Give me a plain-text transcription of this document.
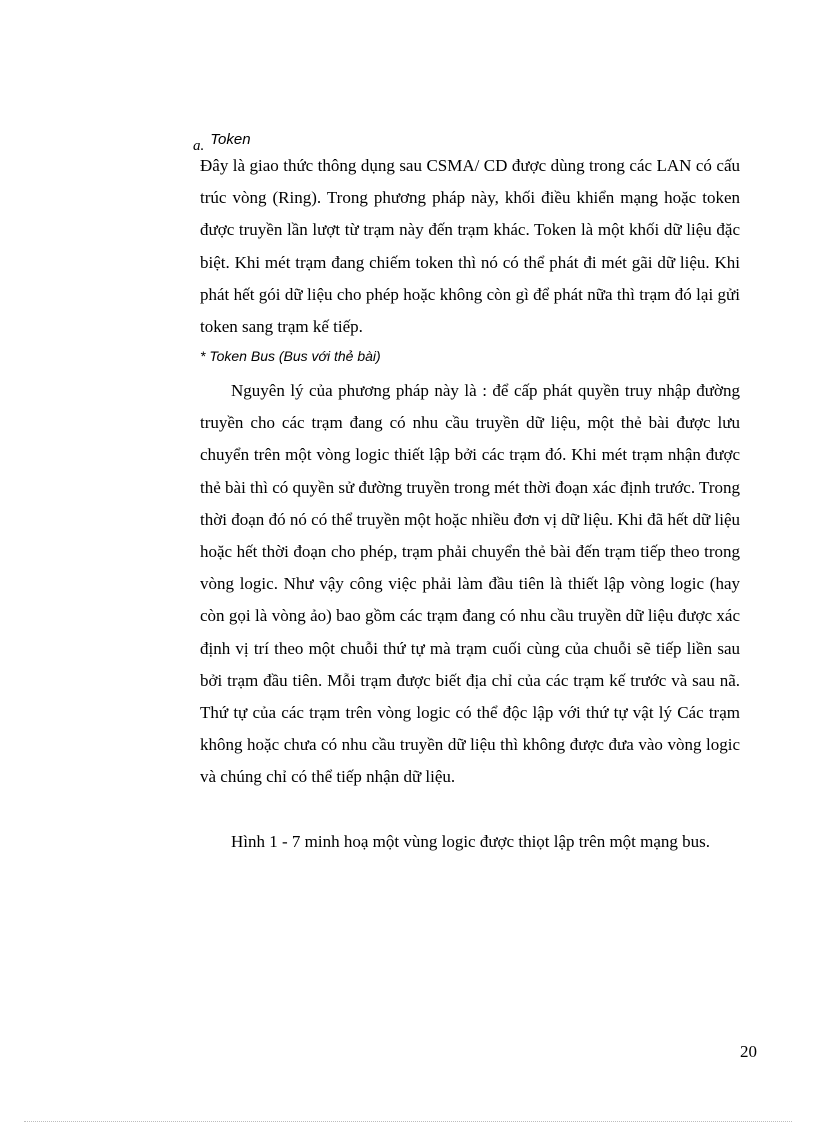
a. Token

Đây là giao thức thông dụng sau CSMA/ CD được dùng trong các LAN có cấu trúc vòng (Ring). Trong phương pháp này, khối điều khiển mạng hoặc token được truyền lần lượt từ trạm này đến trạm khác. Token là một khối dữ liệu đặc biệt. Khi mét trạm đang chiếm token thì nó có thể phát đi mét gãi dữ liệu. Khi phát hết gói dữ liệu cho phép hoặc không còn gì để phát nữa thì trạm đó lại gửi token sang trạm kế tiếp.

* Token Bus (Bus với thẻ bài)

Nguyên lý của phương pháp này là : để cấp phát quyền truy nhập đường truyền cho các trạm đang có nhu cầu truyền dữ liệu, một thẻ bài được lưu chuyển trên một vòng logic thiết lập bởi các trạm đó. Khi mét trạm nhận được thẻ bài thì có quyền sử đường truyền trong mét thời đoạn xác định trước. Trong thời đoạn đó nó có thể truyền một hoặc nhiều đơn vị dữ liệu. Khi đã hết dữ liệu hoặc hết thời đoạn cho phép, trạm phải chuyển thẻ bài đến trạm tiếp theo trong vòng logic. Như vậy công việc phải làm đầu tiên là thiết lập vòng logic (hay còn gọi là vòng ảo) bao gồm các trạm đang có nhu cầu truyền dữ liệu được xác định vị trí theo một chuỗi thứ tự mà trạm cuối cùng của chuỗi sẽ tiếp liền sau bởi trạm đầu tiên. Mỗi trạm được biết địa chỉ của các trạm kế trước và sau nã. Thứ tự của các trạm trên vòng logic có thể độc lập với thứ tự vật lý Các trạm không hoặc chưa có nhu cầu truyền dữ liệu thì không được đưa vào vòng logic và chúng chỉ có thể tiếp nhận dữ liệu.

Hình 1 - 7 minh hoạ một vùng logic được thiọt lập trên một mạng bus.

20
